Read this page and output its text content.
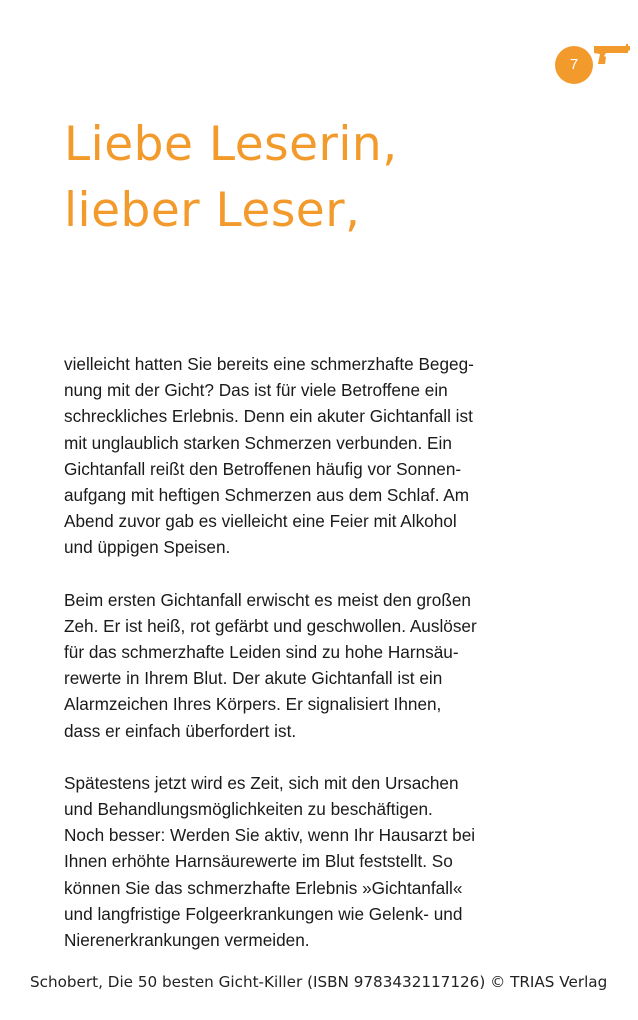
7
Liebe Leserin,
lieber Leser,

vielleicht hatten Sie bereits eine schmerzhafte Begeg-
nung mit der Gicht? Das ist für viele Betroffene ein
schreckliches Erlebnis. Denn ein akuter Gichtanfall ist
mit unglaublich starken Schmerzen verbunden. Ein
Gichtanfall reißt den Betroffenen häufig vor Sonnen-
aufgang mit heftigen Schmerzen aus dem Schlaf. Am
Abend zuvor gab es vielleicht eine Feier mit Alkohol
und üppigen Speisen.

Beim ersten Gichtanfall erwischt es meist den großen
Zeh. Er ist heiß, rot gefärbt und geschwollen. Auslöser
für das schmerzhafte Leiden sind zu hohe Harnsäu-
rewerte in Ihrem Blut. Der akute Gichtanfall ist ein
Alarmzeichen Ihres Körpers. Er signalisiert Ihnen,
dass er einfach überfordert ist.

Spätestens jetzt wird es Zeit, sich mit den Ursachen
und Behandlungsmöglichkeiten zu beschäftigen.
Noch besser: Werden Sie aktiv, wenn Ihr Hausarzt bei
Ihnen erhöhte Harnsäurewerte im Blut feststellt. So
können Sie das schmerzhafte Erlebnis »Gichtanfall«
und langfristige Folgeerkrankungen wie Gelenk- und
Nierenerkrankungen vermeiden.

Schobert, Die 50 besten Gicht-Killer (ISBN 9783432117126) © TRIAS Verlag
